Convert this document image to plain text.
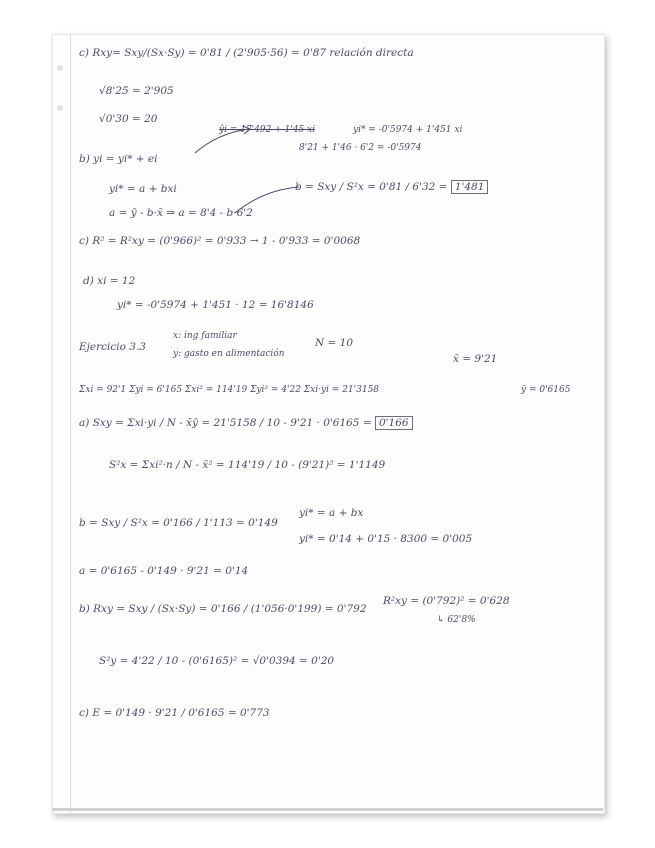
c) Rxy= Sxy/(Sx·Sy) = 0'81 / (2'905·56) = 0'87 relación directa
√8'25 = 2'905
√0'30 = 20
ŷi = 17'492 + 1'45 xi	yi* = -0'5974 + 1'451 xi
8'21 + 1'46 · 6'2 = -0'5974
b) yi = yi* + ei
yi* = a + bxi	b = Sxy / S²x = 0'81 / 6'32 = 1'481
a = ȳ - b·x̄ ⇒ a = 8'4 - b·6'2
c) R² = R²xy = (0'966)² = 0'933 → 1 - 0'933 = 0'0068
d) xi = 12
yi* = -0'5974 + 1'451 · 12 = 16'8146
Ejercicio 3.3
x: ing familiar
y: gasto en alimentación
N = 10
x̄ = 9'21
Σxi = 92'1 Σyi = 6'165 Σxi² = 114'19 Σyi² = 4'22 Σxi·yi = 21'3158	ȳ = 0'6165
a) Sxy = Σxi·yi / N - x̄ȳ = 21'5158 / 10 - 9'21 · 0'6165 = 0'166
S²x = Σxi²·n / N - x̄² = 114'19 / 10 - (9'21)² = 1'1149
b = Sxy / S²x = 0'166 / 1'113 = 0'149
yi* = a + bx
yi* = 0'14 + 0'15 · 8300 = 0'005
a = 0'6165 - 0'149 · 9'21 = 0'14
b) Rxy = Sxy / (Sx·Sy) = 0'166 / (1'056·0'199) = 0'792
R²xy = (0'792)² = 0'628
↳ 62'8%
S²y = 4'22 / 10 - (0'6165)² = √0'0394 = 0'20
c) E = 0'149 · 9'21 / 0'6165 = 0'773
